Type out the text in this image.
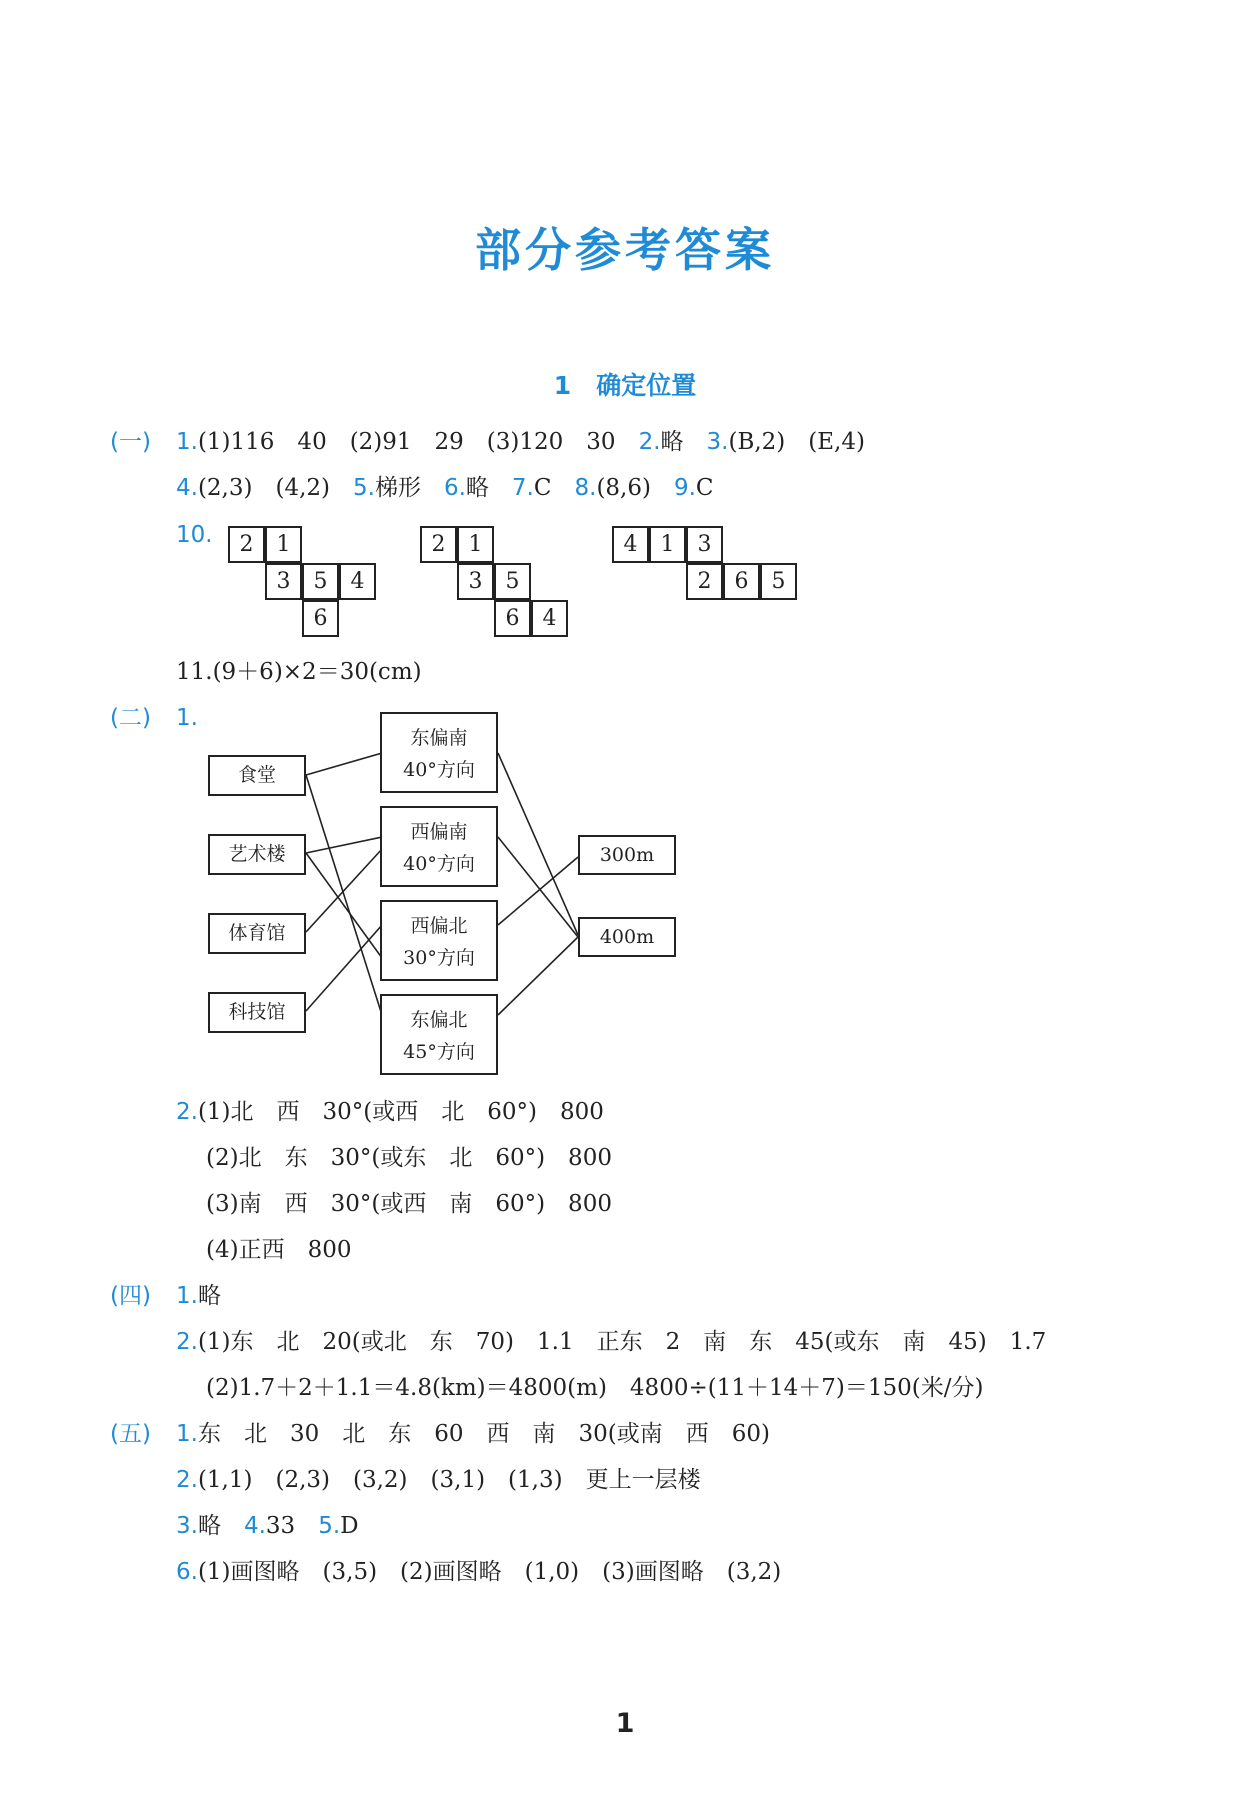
部分参考答案
1　确定位置
(一) 1.(1)116　40　(2)91　29　(3)120　30　 2.略　 3.(B,2)　(E,4)
4.(2,3)　(4,2)　 5.梯形　 6.略　 7.C　 8.(8,6)　 9.C
10.	2	1
3	5	4
6
2	1
3	5
6	4
4	1	3
2	6	5
11.(9＋6)×2＝30(cm)
(二) 1.
食堂
艺术楼
体育馆
科技馆
东偏南
40°方向
西偏南
40°方向
西偏北
30°方向
东偏北
45°方向
300m
400m
2.(1)北　西　30°(或西　北　60°)　800
(2)北　东　30°(或东　北　60°)　800
(3)南　西　30°(或西　南　60°)　800
(4)正西　800
(四) 1.略
2.(1)东　北　20(或北　东　70)　1.1　正东　2　南　东　45(或东　南　45)　1.7
(2)1.7＋2＋1.1＝4.8(km)＝4800(m)　4800÷(11＋14＋7)＝150(米/分)
(五) 1.东　北　30　北　东　60　西　南　30(或南　西　60)
2.(1,1)　(2,3)　(3,2)　(3,1)　(1,3)　更上一层楼
3.略　 4.33　 5.D
6.(1)画图略　(3,5)　(2)画图略　(1,0)　(3)画图略　(3,2)
1
